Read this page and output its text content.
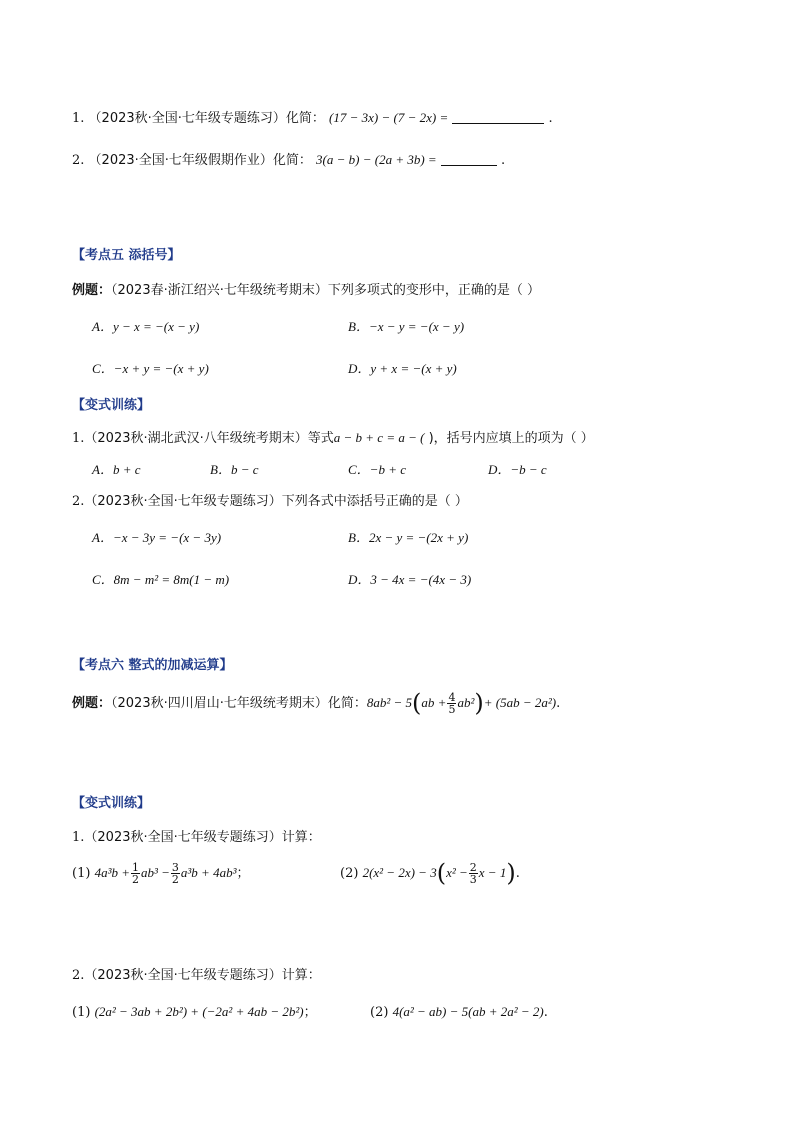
1. （2023秋·全国·七年级专题练习）化简： (17 − 3x) − (7 − 2x) =	.
2. （2023·全国·七年级假期作业）化简： 3(a − b) − (2a + 3b) =	.
【考点五 添括号】
例题：（2023春·浙江绍兴·七年级统考期末）下列多项式的变形中，正确的是（ ）
A．y − x = −(x − y)	B．−x − y = −(x − y)
C．−x + y = −(x + y)	D．y + x = −(x + y)
【变式训练】
1.（2023秋·湖北武汉·八年级统考期末）等式a − b + c = a − ( )，括号内应填上的项为（ ）
A．b + c	B．b − c	C．−b + c	D．−b − c
2.（2023秋·全国·七年级专题练习）下列各式中添括号正确的是（ ）
A．−x − 3y = −(x − 3y)	B．2x − y = −(2x + y)
C．8m − m² = 8m(1 − m)	D．3 − 4x = −(4x − 3)
【考点六 整式的加减运算】
例题：（2023秋·四川眉山·七年级统考期末）化简：$8ab^2 - 5(ab + \frac{4}{5} ab^2)+ (5ab - 2a^2)$.
【变式训练】
1.（2023秋·全国·七年级专题练习）计算：
(1) $4a^3b + \frac{1}{2} ab^3 - \frac{3}{2} a^3b + 4ab^3$；	(2) $2(x^2 - 2x) - 3(x^2 - \frac{2}{3}$ x − 1).
2.（2023秋·全国·七年级专题练习）计算：
(1) (2a² − 3ab + 2b²) + (−2a² + 4ab − 2b²)；	(2) 4(a² − ab) − 5(ab + 2a² − 2).
